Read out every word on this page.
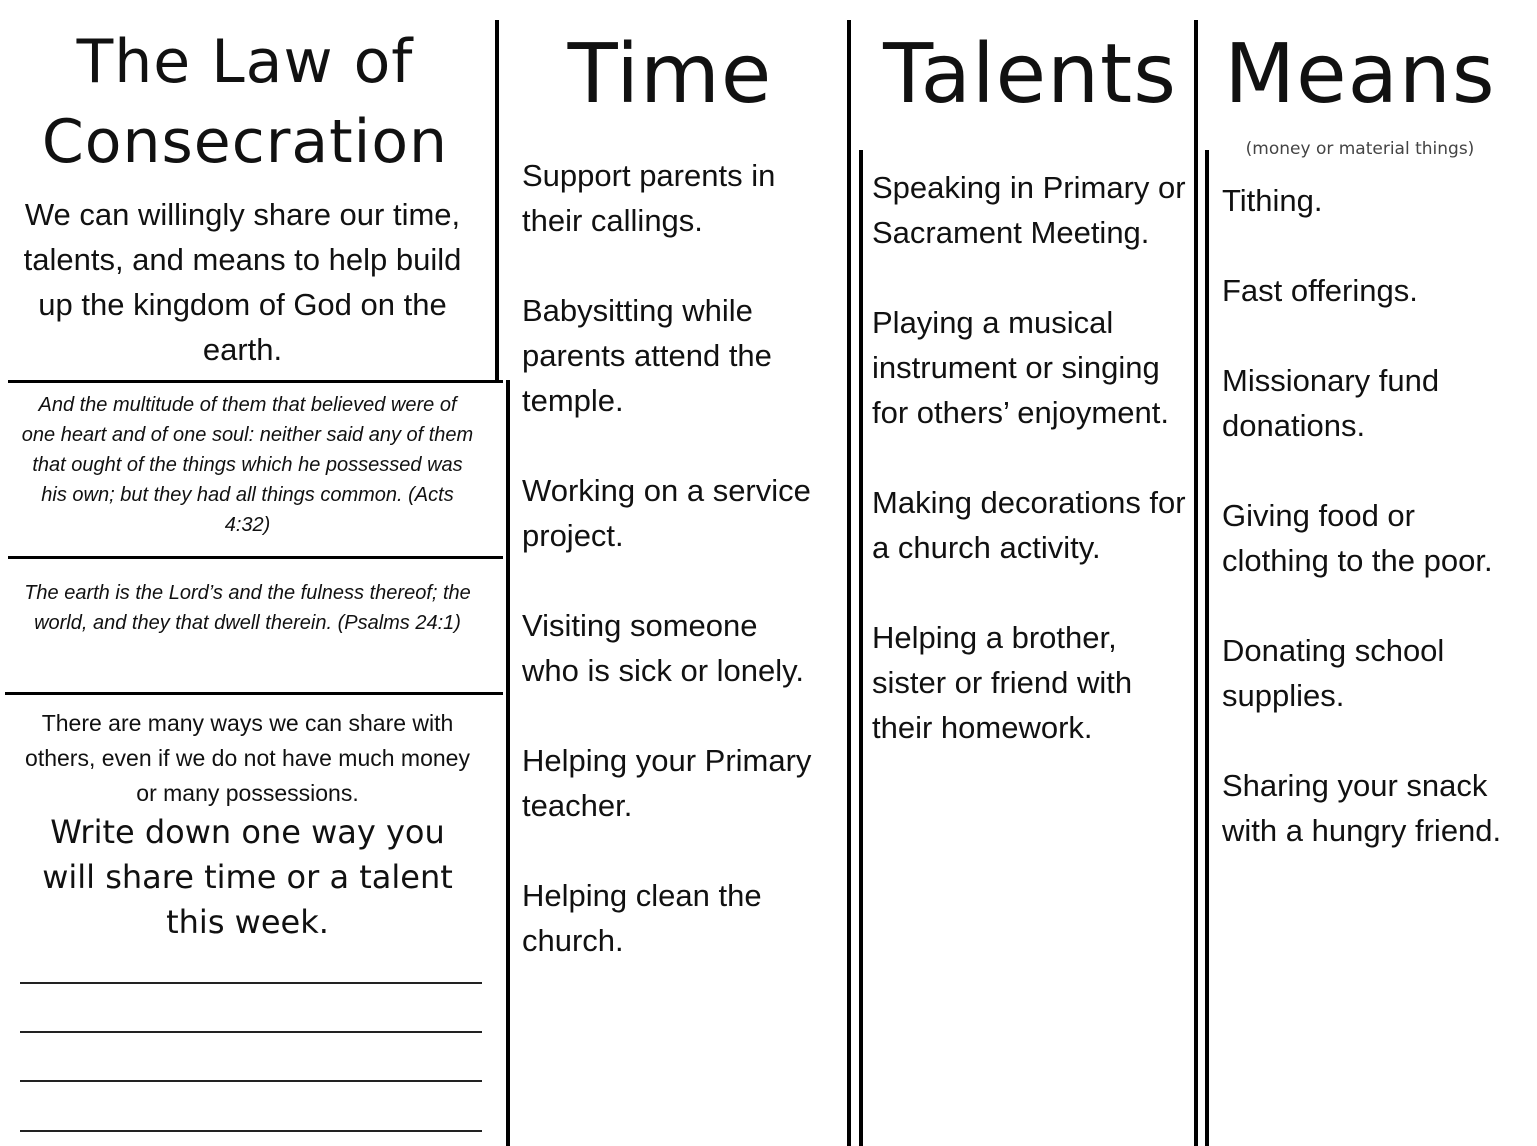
The Law of
Consecration
We can willingly share our time, talents, and means to help build up the kingdom of God on the earth.
And the multitude of them that believed were of one heart and of one soul: neither said any of them that ought of the things which he possessed was his own; but they had all things common. (Acts 4:32)
The earth is the Lord’s and the fulness thereof; the world, and they that dwell therein. (Psalms 24:1)
There are many ways we can share with others, even if we do not have much money or many possessions.
Write down one way you will share time or a talent this week.
Time
Support parents in their callings.
Babysitting while parents attend the temple.
Working on a service project.
Visiting someone who is sick or lonely.
Helping your Primary teacher.
Helping clean the church.
Talents
Speaking in Primary or Sacrament Meeting.
Playing a musical instrument or singing for others’ enjoyment.
Making decorations for a church activity.
Helping a brother, sister or friend with their homework.
Means
(money or material things)
Tithing.
Fast offerings.
Missionary fund donations.
Giving food or clothing to the poor.
Donating school supplies.
Sharing your snack with a hungry friend.
